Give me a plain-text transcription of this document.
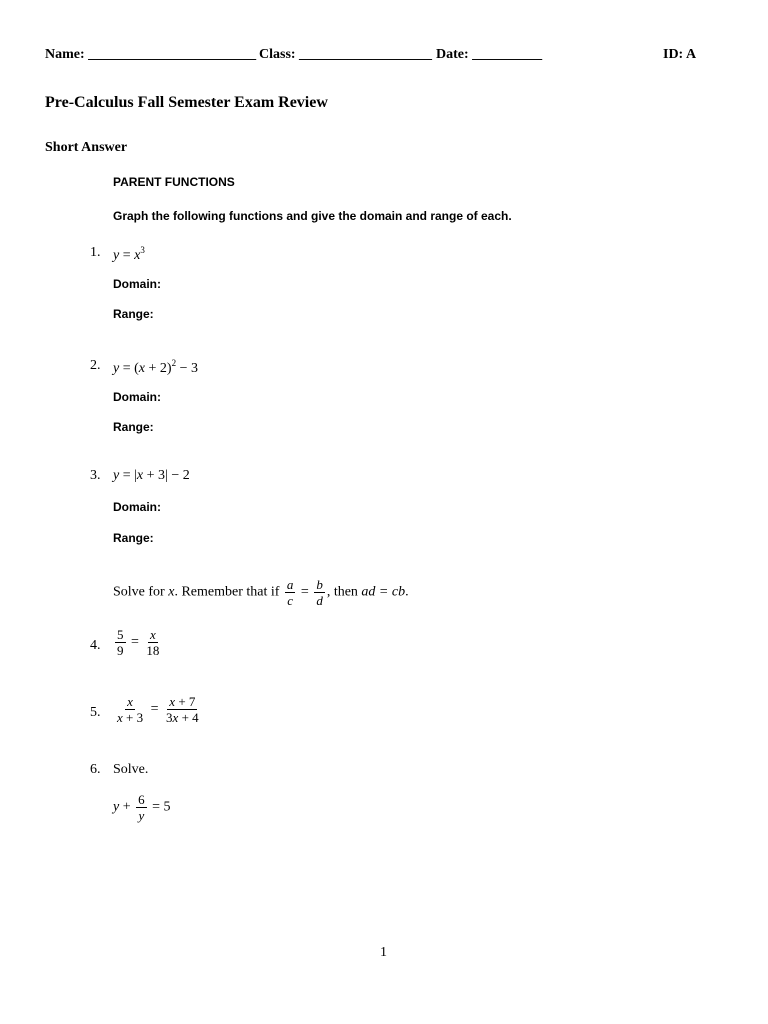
Name: ________________________ Class: ___________________ Date: __________	ID: A
Pre-Calculus Fall Semester Exam Review
Short Answer
PARENT FUNCTIONS
Graph the following functions and give the domain and range of each.
1. $y = x^3$
Domain:
Range:
2. $y = (x + 2)^2 - 3$
Domain:
Range:
3. y = |x + 3| − 2
Domain:
Range:
Solve for x. Remember that if $\frac{a}{c} = \frac{b}{d}$ , then ad = cb.
4. $\frac{5}{9} = \frac{x}{18}$
5. $\frac{x}{x + 3} = \frac{x + 7}{3x + 4}$
6. Solve.
$y + \frac{6}{y} = 5$
1
